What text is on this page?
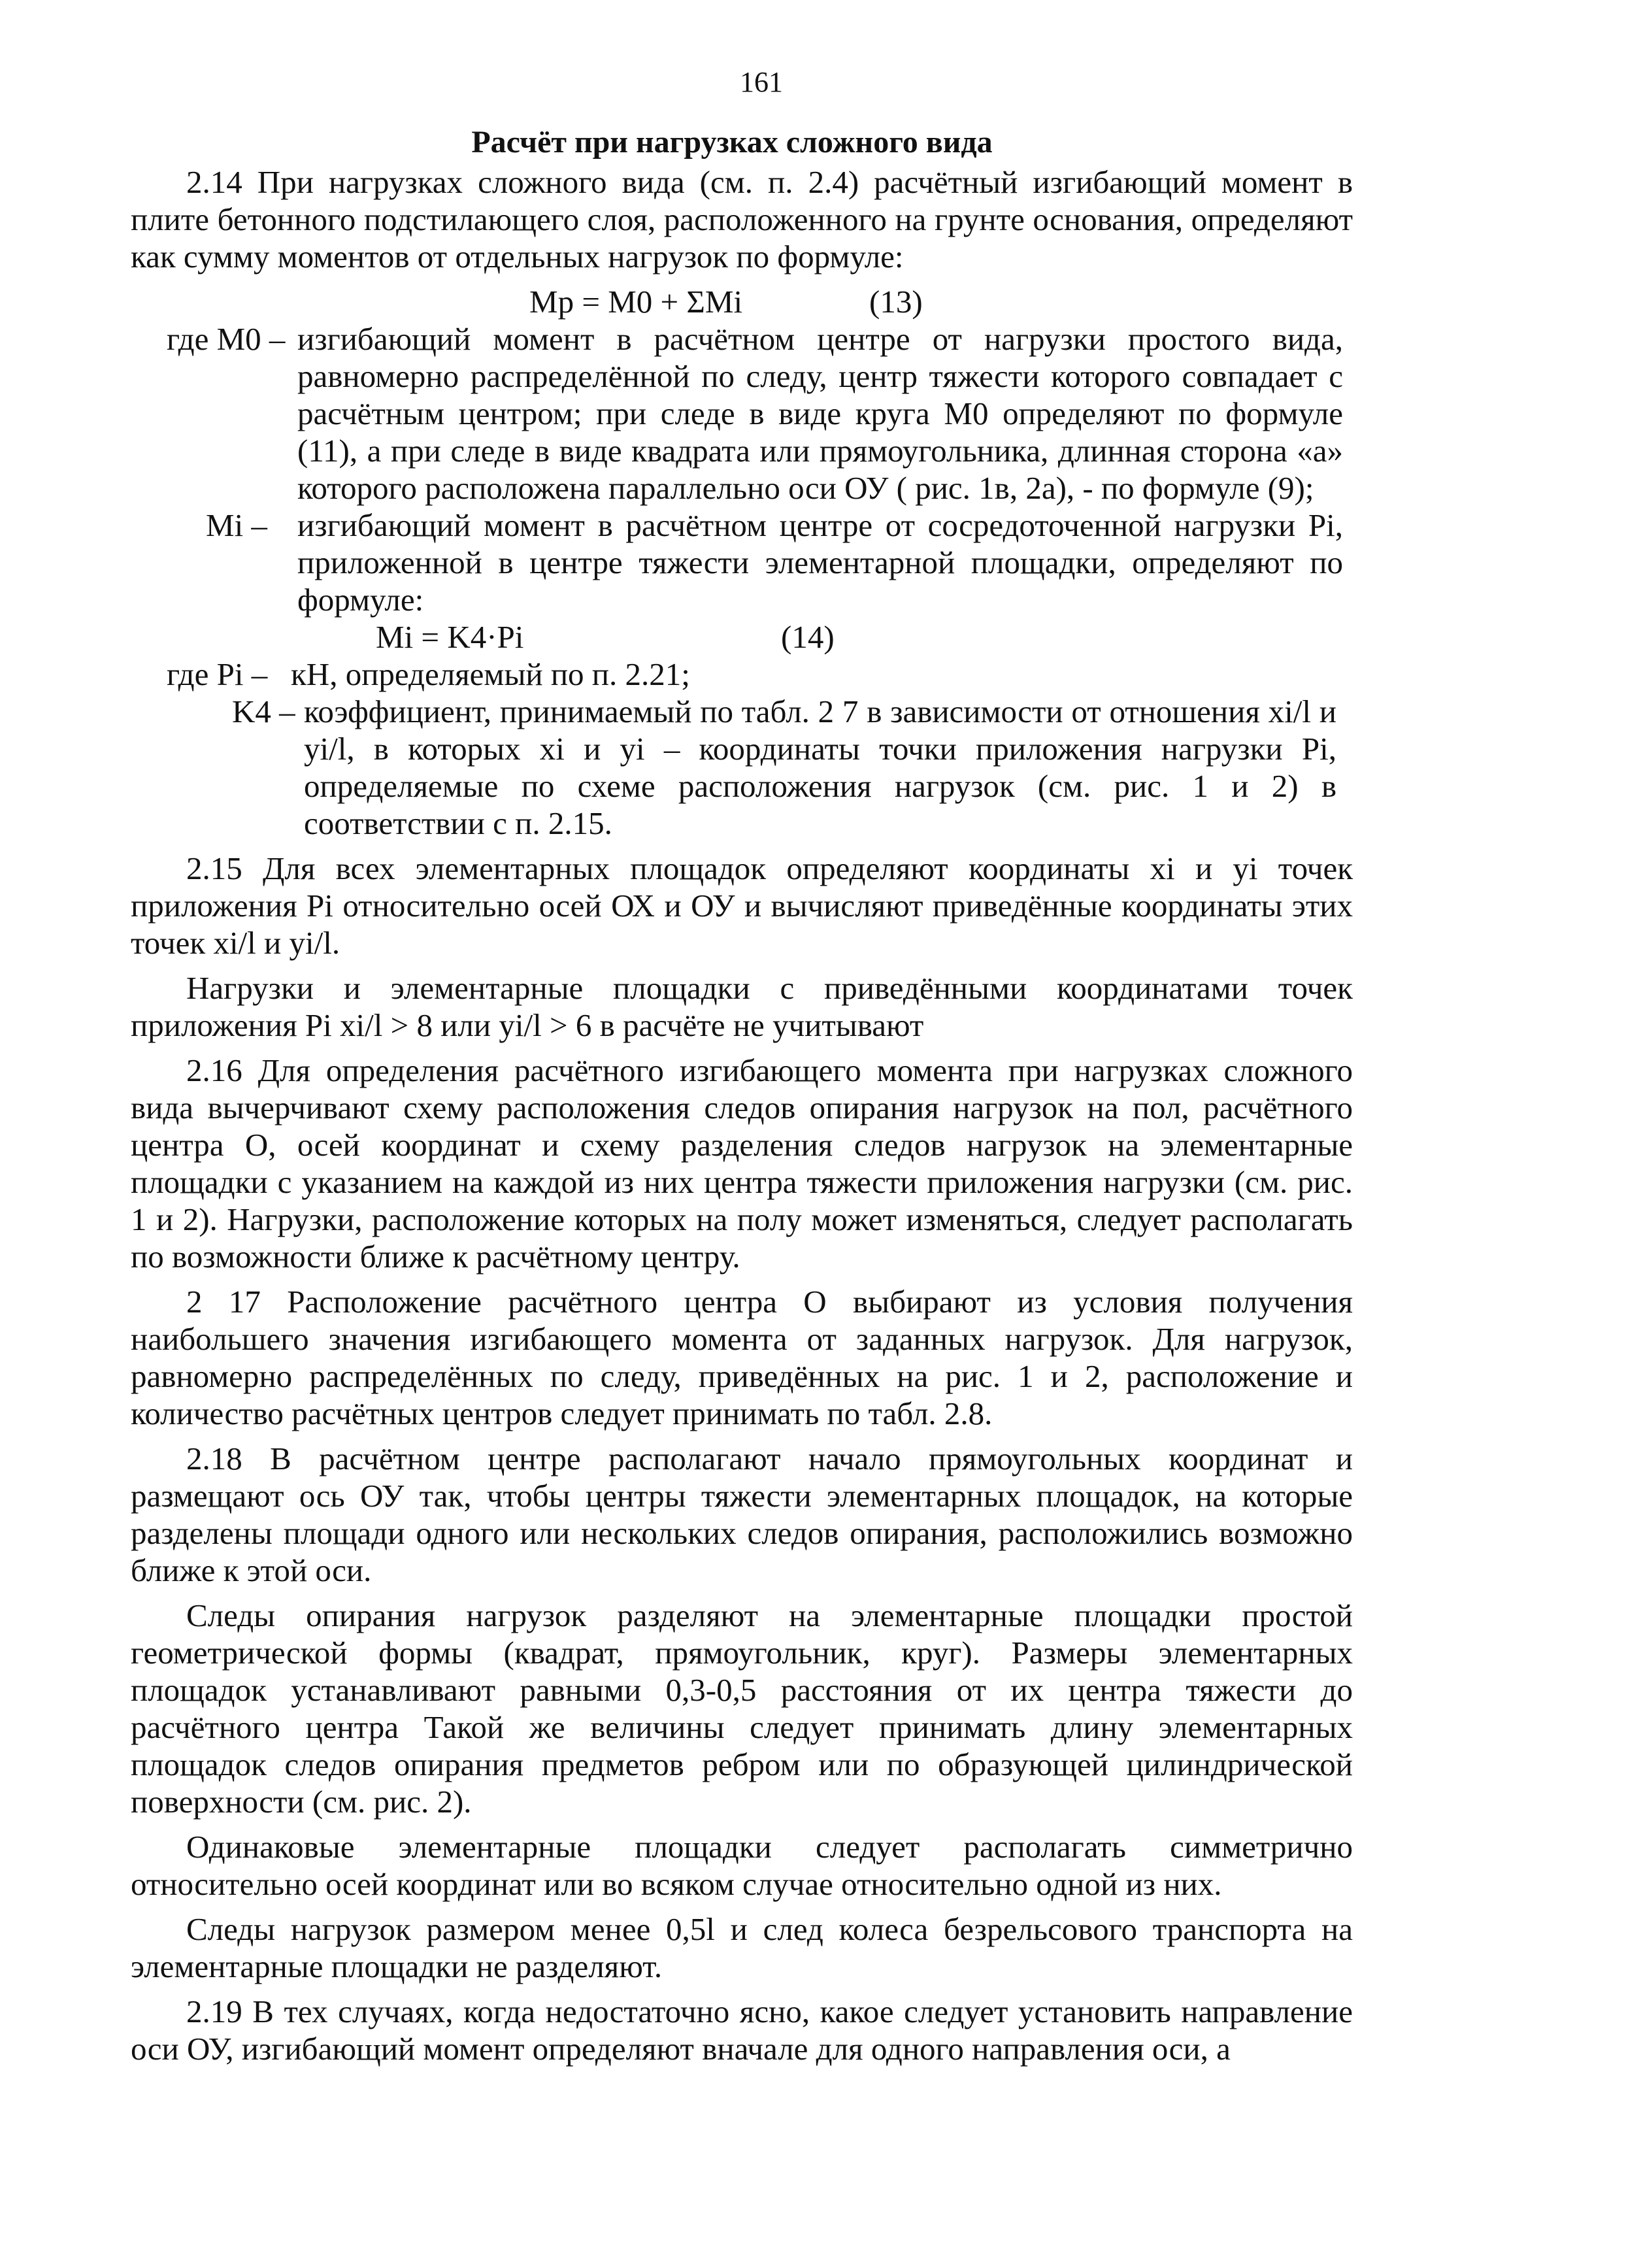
161
Расчёт при нагрузках сложного вида

2.14 При нагрузках сложного вида (см. п. 2.4) расчётный изгибающий момент в плите бетонного подстилающего слоя, расположенного на грунте основания, определяют как сумму моментов от отдельных нагрузок по формуле:

Mр = M0 + ΣMi	(13)
где M0 – изгибающий момент в расчётном центре от нагрузки простого вида, равномерно распределённой по следу, центр тяжести которого совпадает с расчётным центром; при следе в виде круга M0 определяют по формуле (11), а при следе в виде квадрата или прямоугольника, длинная сторона «а» которого расположена параллельно оси ОУ ( рис. 1в, 2а), - по формуле (9);
Mi – изгибающий момент в расчётном центре от сосредоточенной нагрузки Pi, приложенной в центре тяжести элементарной площадки, определяют по формуле:
Mi = K4·Pi	(14)
где Pi – кН, определяемый по п. 2.21;
K4 – коэффициент, принимаемый по табл. 2 7 в зависимости от отношения xi/l и yi/l, в которых xi и yi – координаты точки приложения нагрузки Pi, определяемые по схеме расположения нагрузок (см. рис. 1 и 2) в соответствии с п. 2.15.

2.15 Для всех элементарных площадок определяют координаты xi и yi точек приложения Pi относительно осей ОХ и ОУ и вычисляют приведённые координаты этих точек xi/l и yi/l.

Нагрузки и элементарные площадки с приведёнными координатами точек приложения Pi xi/l > 8 или yi/l > 6 в расчёте не учитывают

2.16 Для определения расчётного изгибающего момента при нагрузках сложного вида вычерчивают схему расположения следов опирания нагрузок на пол, расчётного центра О, осей координат и схему разделения следов нагрузок на элементарные площадки с указанием на каждой из них центра тяжести приложения нагрузки (см. рис. 1 и 2). Нагрузки, расположение которых на полу может изменяться, следует располагать по возможности ближе к расчётному центру.

2 17 Расположение расчётного центра О выбирают из условия получения наибольшего значения изгибающего момента от заданных нагрузок. Для нагрузок, равномерно распределённых по следу, приведённых на рис. 1 и 2, расположение и количество расчётных центров следует принимать по табл. 2.8.

2.18 В расчётном центре располагают начало прямоугольных координат и размещают ось ОУ так, чтобы центры тяжести элементарных площадок, на которые разделены площади одного или нескольких следов опирания, расположились возможно ближе к этой оси.

Следы опирания нагрузок разделяют на элементарные площадки простой геометрической формы (квадрат, прямоугольник, круг). Размеры элементарных площадок устанавливают равными 0,3-0,5 расстояния от их центра тяжести до расчётного центра Такой же величины следует принимать длину элементарных площадок следов опирания предметов ребром или по образующей цилиндрической поверхности (см. рис. 2).

Одинаковые элементарные площадки следует располагать симметрично относительно осей координат или во всяком случае относительно одной из них.

Следы нагрузок размером менее 0,5l и след колеса безрельсового транспорта на элементарные площадки не разделяют.

2.19 В тех случаях, когда недостаточно ясно, какое следует установить направление оси ОУ, изгибающий момент определяют вначале для одного направления оси, а
